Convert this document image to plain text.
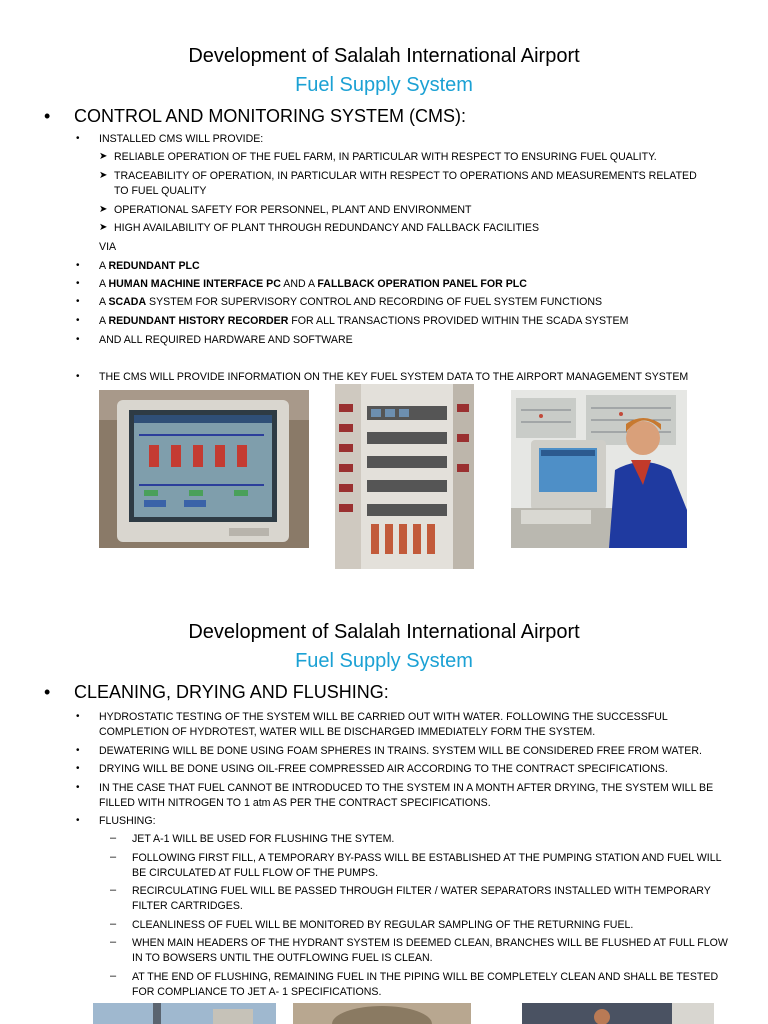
Development of Salalah International Airport
Fuel Supply System
• CONTROL AND MONITORING SYSTEM (CMS):
• INSTALLED CMS WILL PROVIDE:
➤ RELIABLE OPERATION OF THE FUEL FARM, IN PARTICULAR WITH RESPECT TO ENSURING FUEL QUALITY.
➤ TRACEABILITY OF OPERATION, IN PARTICULAR WITH RESPECT TO OPERATIONS AND MEASUREMENTS RELATED TO FUEL QUALITY
➤ OPERATIONAL SAFETY FOR PERSONNEL, PLANT AND ENVIRONMENT
➤ HIGH AVAILABILITY OF PLANT THROUGH REDUNDANCY AND FALLBACK FACILITIES
VIA
• A REDUNDANT PLC
• A HUMAN MACHINE INTERFACE PC AND A FALLBACK OPERATION PANEL FOR PLC
• A SCADA SYSTEM FOR SUPERVISORY CONTROL AND RECORDING OF FUEL SYSTEM FUNCTIONS
• A REDUNDANT HISTORY RECORDER FOR ALL TRANSACTIONS PROVIDED WITHIN THE SCADA SYSTEM
• AND ALL REQUIRED HARDWARE AND SOFTWARE
• THE CMS WILL PROVIDE INFORMATION ON THE KEY FUEL SYSTEM DATA TO THE AIRPORT MANAGEMENT SYSTEM
Development of Salalah International Airport
Fuel Supply System
• CLEANING, DRYING AND FLUSHING:
• HYDROSTATIC TESTING OF THE SYSTEM WILL BE CARRIED OUT WITH WATER. FOLLOWING THE SUCCESSFUL COMPLETION OF HYDROTEST, WATER WILL BE DISCHARGED IMMEDIATELY FORM THE SYSTEM.
• DEWATERING WILL BE DONE USING FOAM SPHERES IN TRAINS. SYSTEM WILL BE CONSIDERED FREE FROM WATER.
• DRYING WILL BE DONE USING OIL-FREE COMPRESSED AIR ACCORDING TO THE CONTRACT SPECIFICATIONS.
• IN THE CASE THAT FUEL CANNOT BE INTRODUCED TO THE SYSTEM IN A MONTH AFTER DRYING, THE SYSTEM WILL BE FILLED WITH NITROGEN TO 1 atm AS PER THE CONTRACT SPECIFICATIONS.
• FLUSHING:
– JET A-1 WILL BE USED FOR FLUSHING THE SYTEM.
– FOLLOWING FIRST FILL, A TEMPORARY BY-PASS WILL BE ESTABLISHED AT THE PUMPING STATION AND FUEL WILL BE CIRCULATED AT FULL FLOW OF THE PUMPS.
– RECIRCULATING FUEL WILL BE PASSED THROUGH FILTER / WATER SEPARATORS INSTALLED WITH TEMPORARY FILTER CARTRIDGES.
– CLEANLINESS OF FUEL WILL BE MONITORED BY REGULAR SAMPLING OF THE RETURNING FUEL.
– WHEN MAIN HEADERS OF THE HYDRANT SYSTEM IS DEEMED CLEAN, BRANCHES WILL BE FLUSHED AT FULL FLOW IN TO BOWSERS UNTIL THE OUTFLOWING FUEL IS CLEAN.
– AT THE END OF FLUSHING, REMAINING FUEL IN THE PIPING WILL BE COMPLETELY CLEAN AND SHALL BE TESTED FOR COMPLIANCE TO JET A- 1 SPECIFICATIONS.
